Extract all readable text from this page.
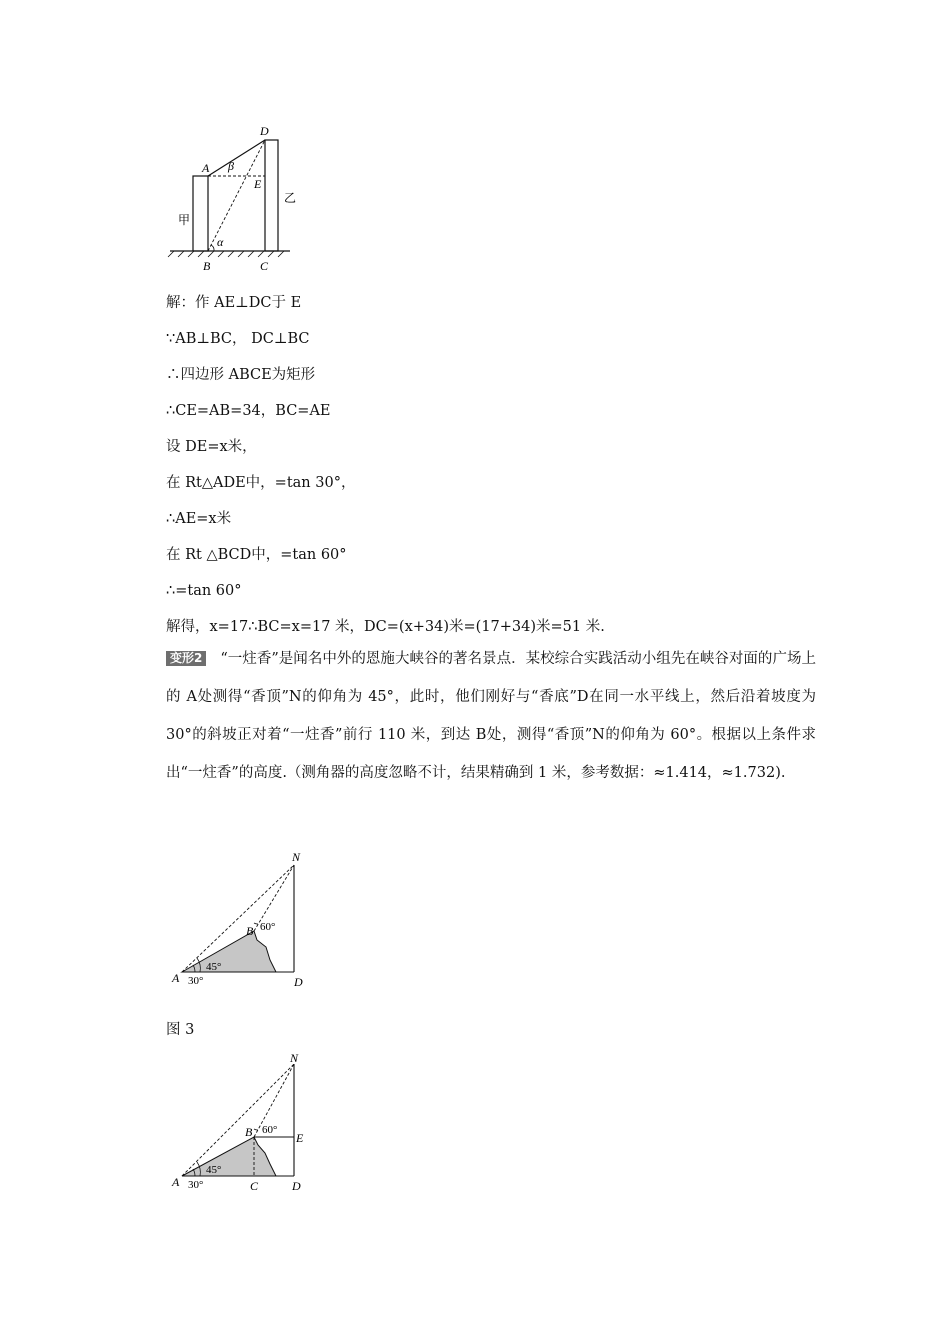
A β
D
E
甲
乙
α
B	C
解：作 AE⊥DC于 E
∵AB⊥BC， DC⊥BC
∴四边形 ABCE为矩形
∴CE=AB=34，BC=AE
设 DE=x米，
在 Rt△ADE中，=tan 30°，
∴AE=x米
在 Rt △BCD中，=tan 60°
∴=tan 60°
解得，x=17∴BC=x=17 米，DC=(x+34)米=(17+34)米=51 米.
变形2 “一炷香”是闻名中外的恩施大峡谷的著名景点．某校综合实践活动小组先在峡谷对面的广场上的 A处测得“香顶”N的仰角为 45°，此时，他们刚好与“香底”D在同一水平线上，然后沿着坡度为 30°的斜坡正对着“一炷香”前行 110 米，到达 B处，测得“香顶”N的仰角为 60°。根据以上条件求出“一炷香”的高度.（测角器的高度忽略不计，结果精确到 1 米，参考数据：≈1.414，≈1.732).
N
B 60°
45°
A 30°	D
图 3
N
B 60°
E
45°
A 30°	C	D
